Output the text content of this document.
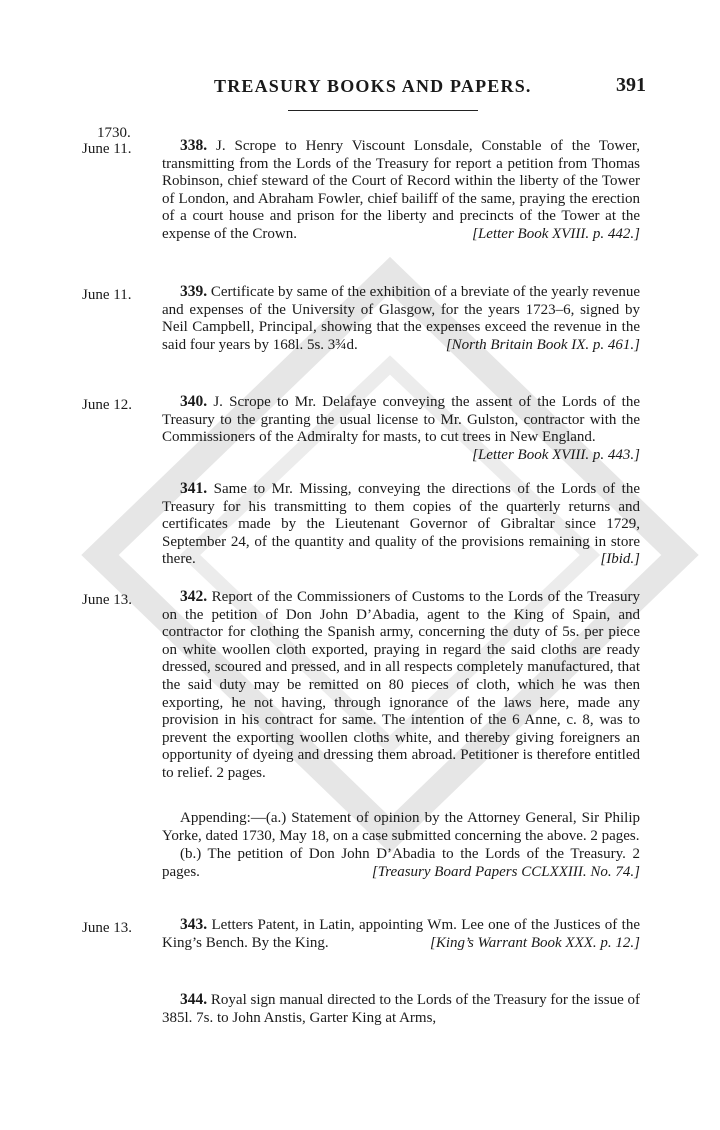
TREASURY BOOKS AND PAPERS.	391
1730.
June 11.	338. J. Scrope to Henry Viscount Lonsdale, Constable of the Tower, transmitting from the Lords of the Treasury for report a petition from Thomas Robinson, chief steward of the Court of Record within the liberty of the Tower of London, and Abraham Fowler, chief bailiff of the same, praying the erection of a court house and prison for the liberty and precincts of the Tower at the expense of the Crown.	[Letter Book XVIII. p. 442.]
June 11.	339. Certificate by same of the exhibition of a breviate of the yearly revenue and expenses of the University of Glasgow, for the years 1723–6, signed by Neil Campbell, Principal, showing that the expenses exceed the revenue in the said four years by 168l. 5s. 3¾d.	[North Britain Book IX. p. 461.]
June 12.	340. J. Scrope to Mr. Delafaye conveying the assent of the Lords of the Treasury to the granting the usual license to Mr. Gulston, contractor with the Commissioners of the Admiralty for masts, to cut trees in New England.
[Letter Book XVIII. p. 443.]
341. Same to Mr. Missing, conveying the directions of the Lords of the Treasury for his transmitting to them copies of the quarterly returns and certificates made by the Lieutenant Governor of Gibraltar since 1729, September 24, of the quantity and quality of the provisions remaining in store there.	[Ibid.]
June 13.	342. Report of the Commissioners of Customs to the Lords of the Treasury on the petition of Don John D’Abadia, agent to the King of Spain, and contractor for clothing the Spanish army, concerning the duty of 5s. per piece on white woollen cloth exported, praying in regard the said cloths are ready dressed, scoured and pressed, and in all respects completely manufactured, that the said duty may be remitted on 80 pieces of cloth, which he was then exporting, he not having, through ignorance of the laws here, made any provision in his contract for same. The intention of the 6 Anne, c. 8, was to prevent the exporting woollen cloths white, and thereby giving foreigners an opportunity of dyeing and dressing them abroad. Petitioner is therefore entitled to relief. 2 pages.
Appending:—(a.) Statement of opinion by the Attorney General, Sir Philip Yorke, dated 1730, May 18, on a case submitted concerning the above. 2 pages.
(b.) The petition of Don John D’Abadia to the Lords of the Treasury. 2 pages.	[Treasury Board Papers CCLXXIII. No. 74.]
June 13.	343. Letters Patent, in Latin, appointing Wm. Lee one of the Justices of the King’s Bench. By the King.	[King’s Warrant Book XXX. p. 12.]
344. Royal sign manual directed to the Lords of the Treasury for the issue of 385l. 7s. to John Anstis, Garter King at Arms,
